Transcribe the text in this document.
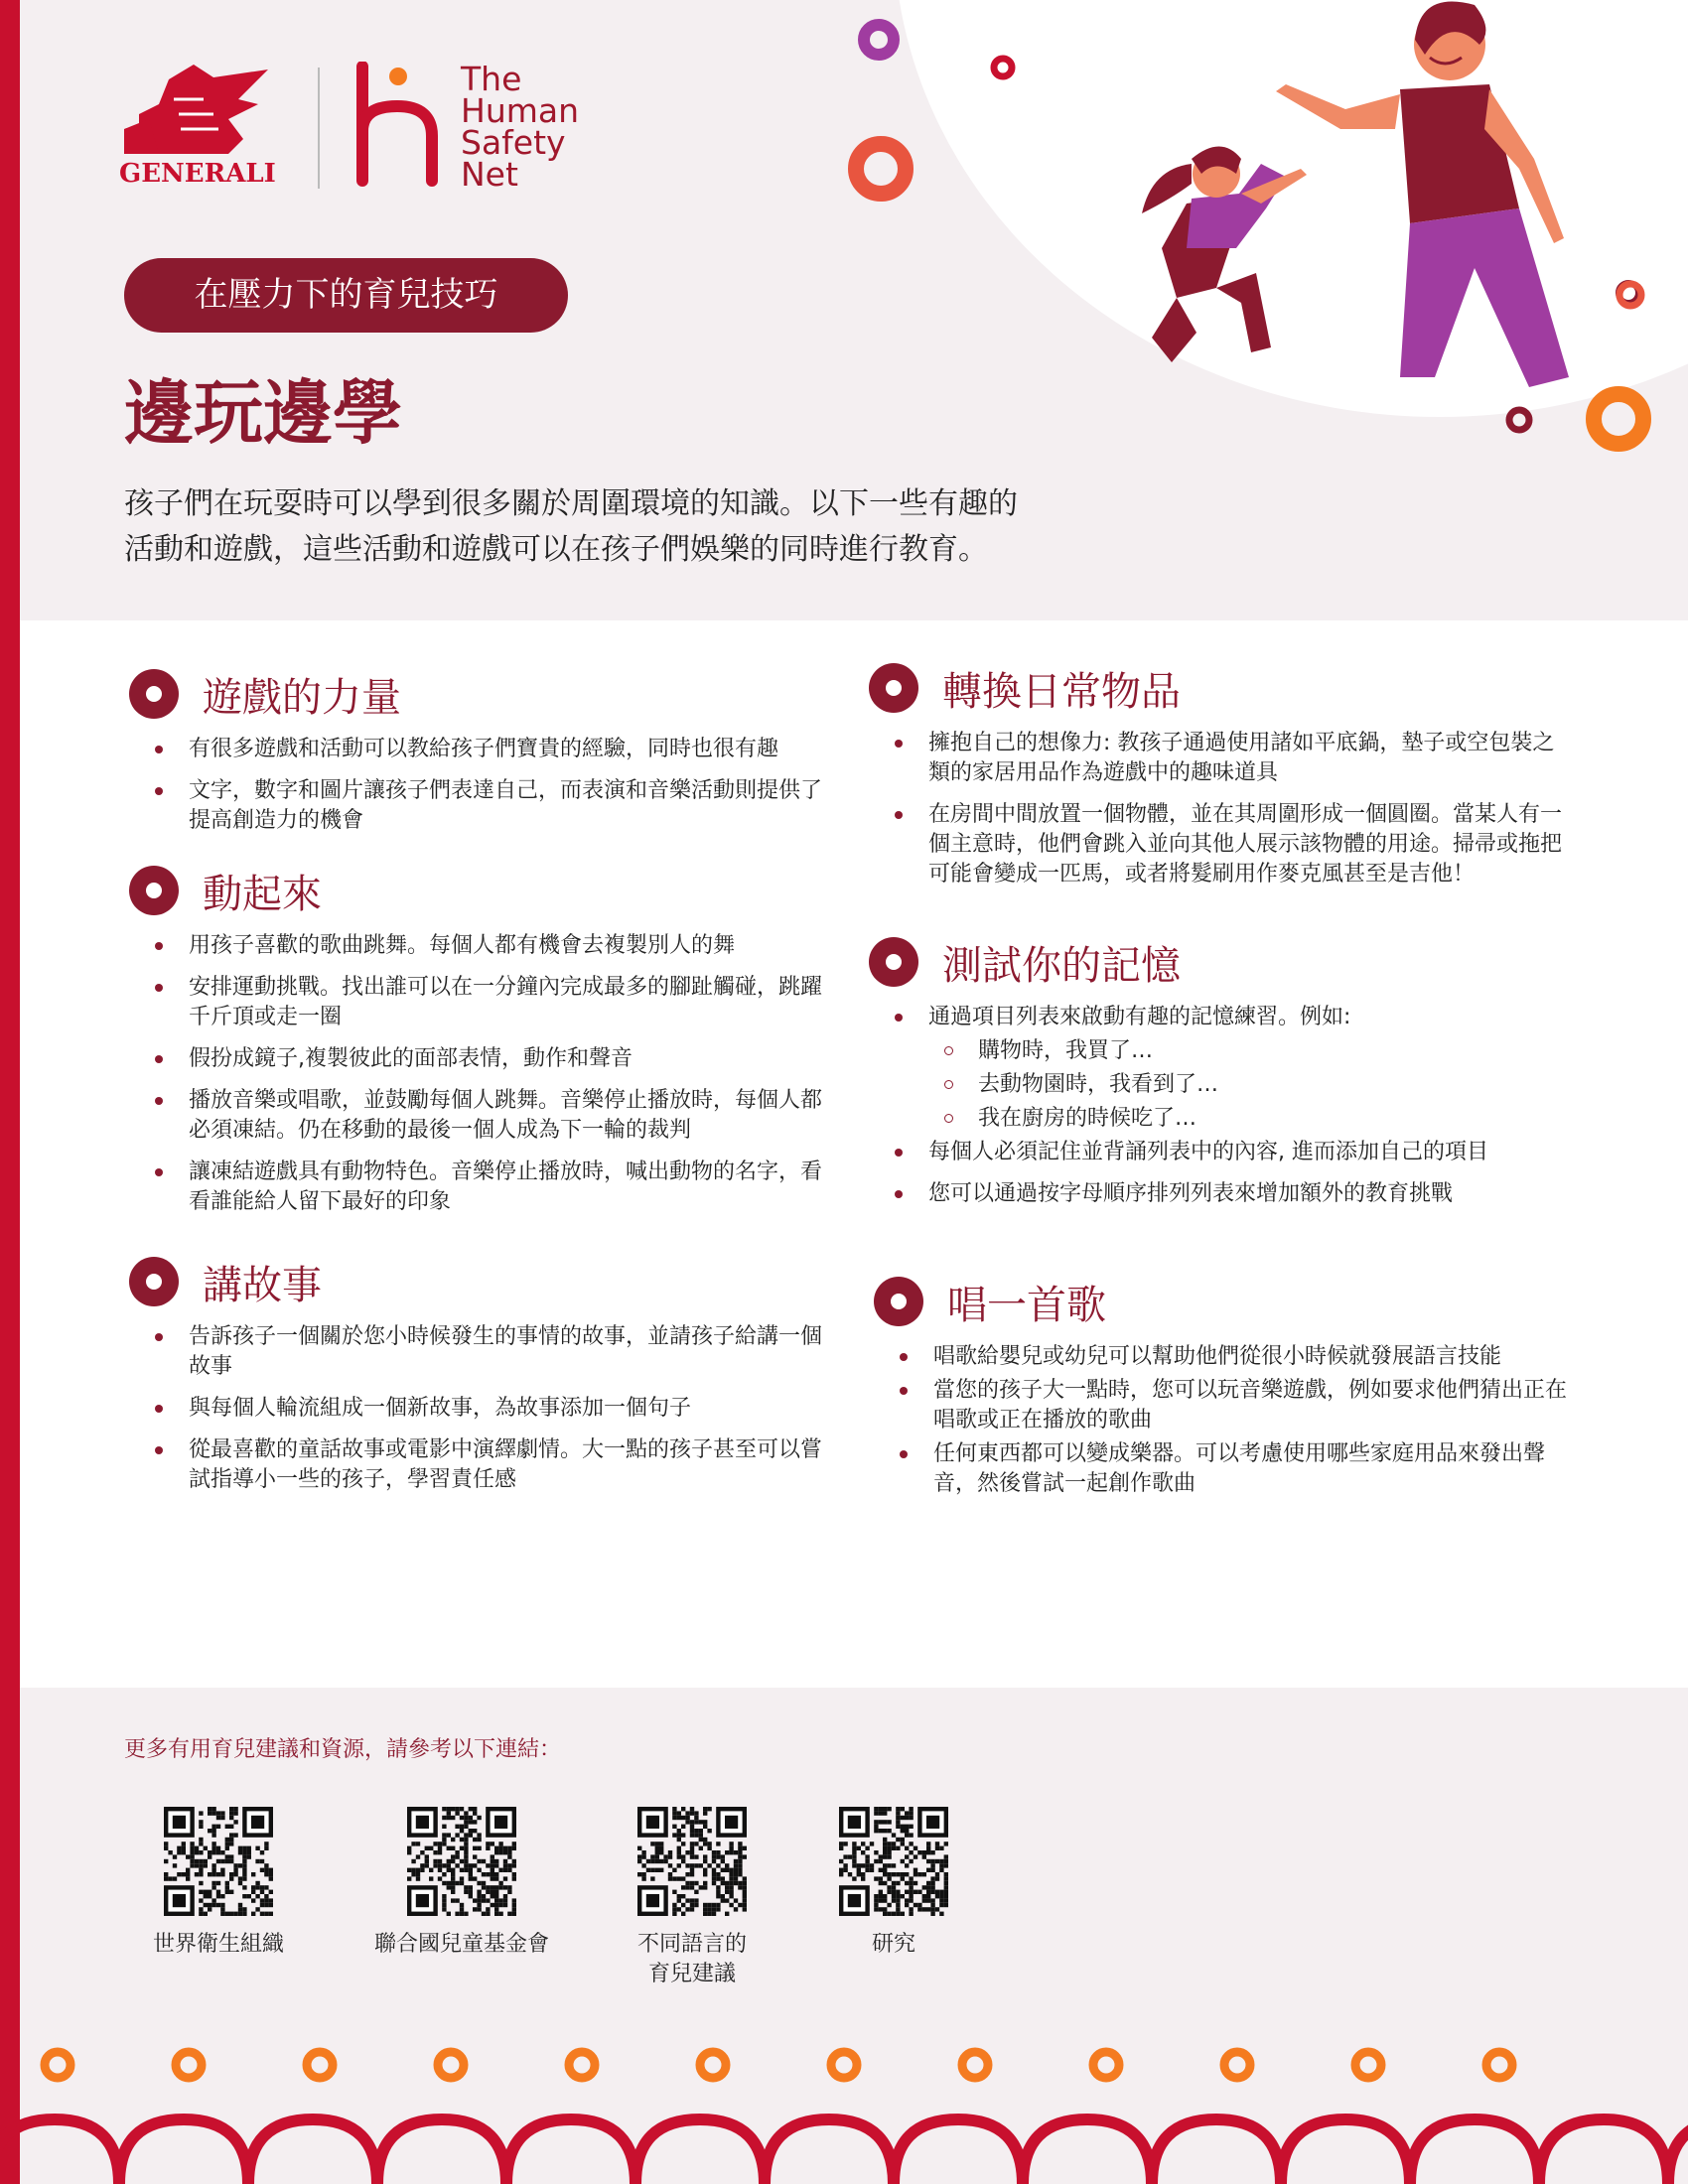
GENERALI
The
Human
Safety
Net
在壓力下的育兒技巧
邊玩邊學
孩子們在玩耍時可以學到很多關於周圍環境的知識。以下一些有趣的
活動和遊戲，這些活動和遊戲可以在孩子們娛樂的同時進行教育。
遊戲的力量
有很多遊戲和活動可以教給孩子們寶貴的經驗，同時也很有趣
文字，數字和圖片讓孩子們表達自己，而表演和音樂活動則提供了提高創造力的機會
動起來
用孩子喜歡的歌曲跳舞。每個人都有機會去複製別人的舞
安排運動挑戰。找出誰可以在一分鐘內完成最多的腳趾觸碰，跳躍千斤頂或走一圈
假扮成鏡子,複製彼此的面部表情，動作和聲音
播放音樂或唱歌，並鼓勵每個人跳舞。音樂停止播放時，每個人都必須凍結。仍在移動的最後一個人成為下一輪的裁判
讓凍結遊戲具有動物特色。音樂停止播放時，喊出動物的名字，看看誰能給人留下最好的印象
講故事
告訴孩子一個關於您小時候發生的事情的故事，並請孩子給講一個故事
與每個人輪流組成一個新故事，為故事添加一個句子
從最喜歡的童話故事或電影中演繹劇情。大一點的孩子甚至可以嘗試指導小一些的孩子，學習責任感
轉換日常物品
擁抱自己的想像力: 教孩子通過使用諸如平底鍋，墊子或空包裝之類的家居用品作為遊戲中的趣味道具
在房間中間放置一個物體，並在其周圍形成一個圓圈。當某人有一個主意時，他們會跳入並向其他人展示該物體的用途。掃帚或拖把可能會變成一匹馬，或者將髮刷用作麥克風甚至是吉他！
測試你的記憶
通過項目列表來啟動有趣的記憶練習。例如:
購物時，我買了…
去動物園時，我看到了…
我在廚房的時候吃了…
每個人必須記住並背誦列表中的內容, 進而添加自己的項目
您可以通過按字母順序排列列表來增加額外的教育挑戰
唱一首歌
唱歌給嬰兒或幼兒可以幫助他們從很小時候就發展語言技能
當您的孩子大一點時，您可以玩音樂遊戲，例如要求他們猜出正在唱歌或正在播放的歌曲
任何東西都可以變成樂器。可以考慮使用哪些家庭用品來發出聲音，然後嘗試一起創作歌曲

更多有用育兒建議和資源，請參考以下連結：

世界衛生組織	聯合國兒童基金會	不同語言的
育兒建議
研究
